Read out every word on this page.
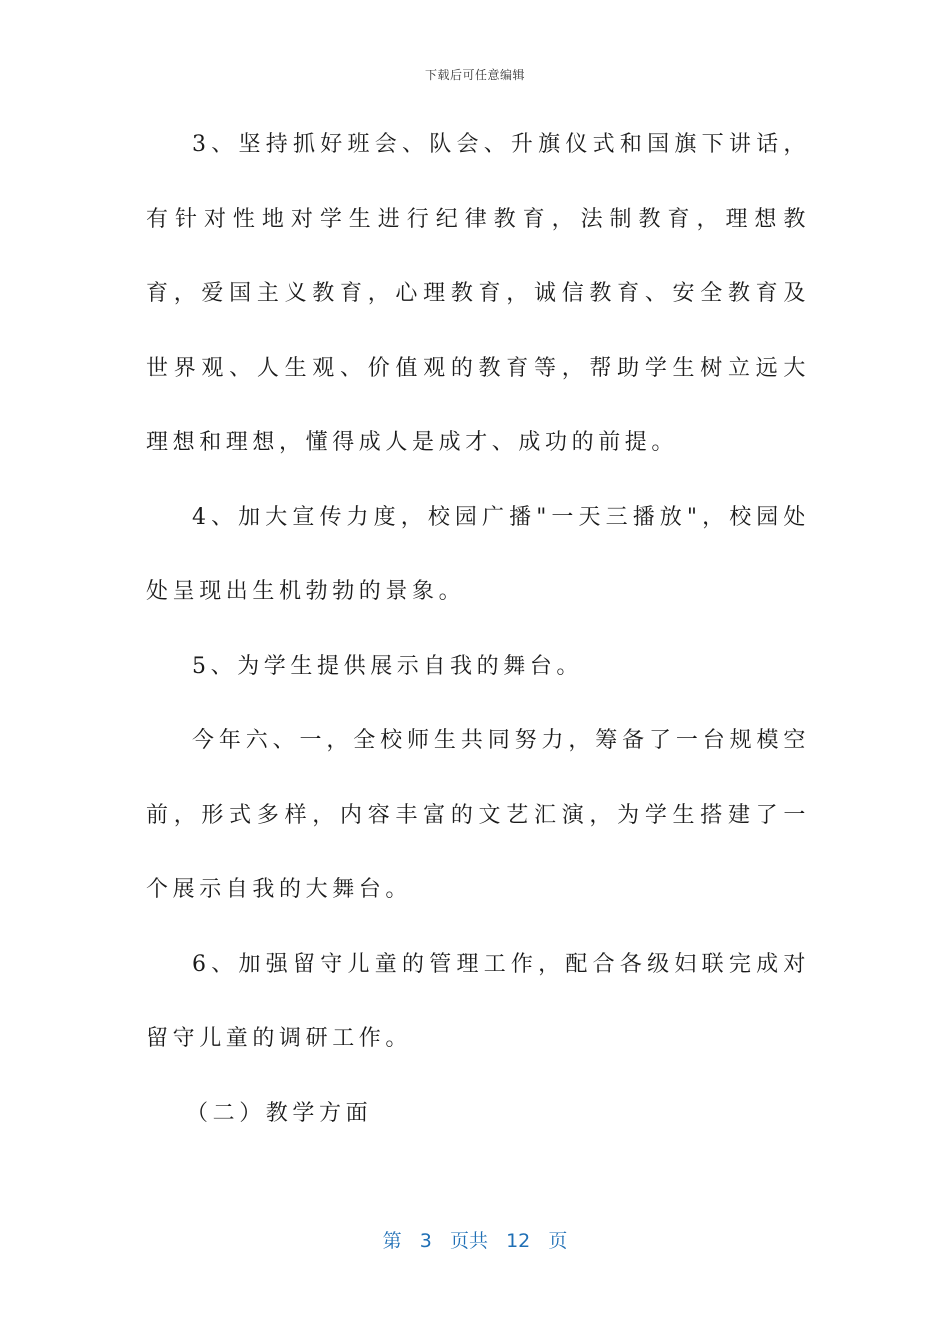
下载后可任意编辑

3、坚持抓好班会、队会、升旗仪式和国旗下讲话，有针对性地对学生进行纪律教育，法制教育，理想教育，爱国主义教育，心理教育，诚信教育、安全教育及世界观、人生观、价值观的教育等，帮助学生树立远大理想和理想，懂得成人是成才、成功的前提。

4、加大宣传力度，校园广播"一天三播放"，校园处处呈现出生机勃勃的景象。

5、为学生提供展示自我的舞台。

今年六、一，全校师生共同努力，筹备了一台规模空前，形式多样，内容丰富的文艺汇演，为学生搭建了一个展示自我的大舞台。

6、加强留守儿童的管理工作，配合各级妇联完成对留守儿童的调研工作。

（二）教学方面

第 3 页共 12 页
